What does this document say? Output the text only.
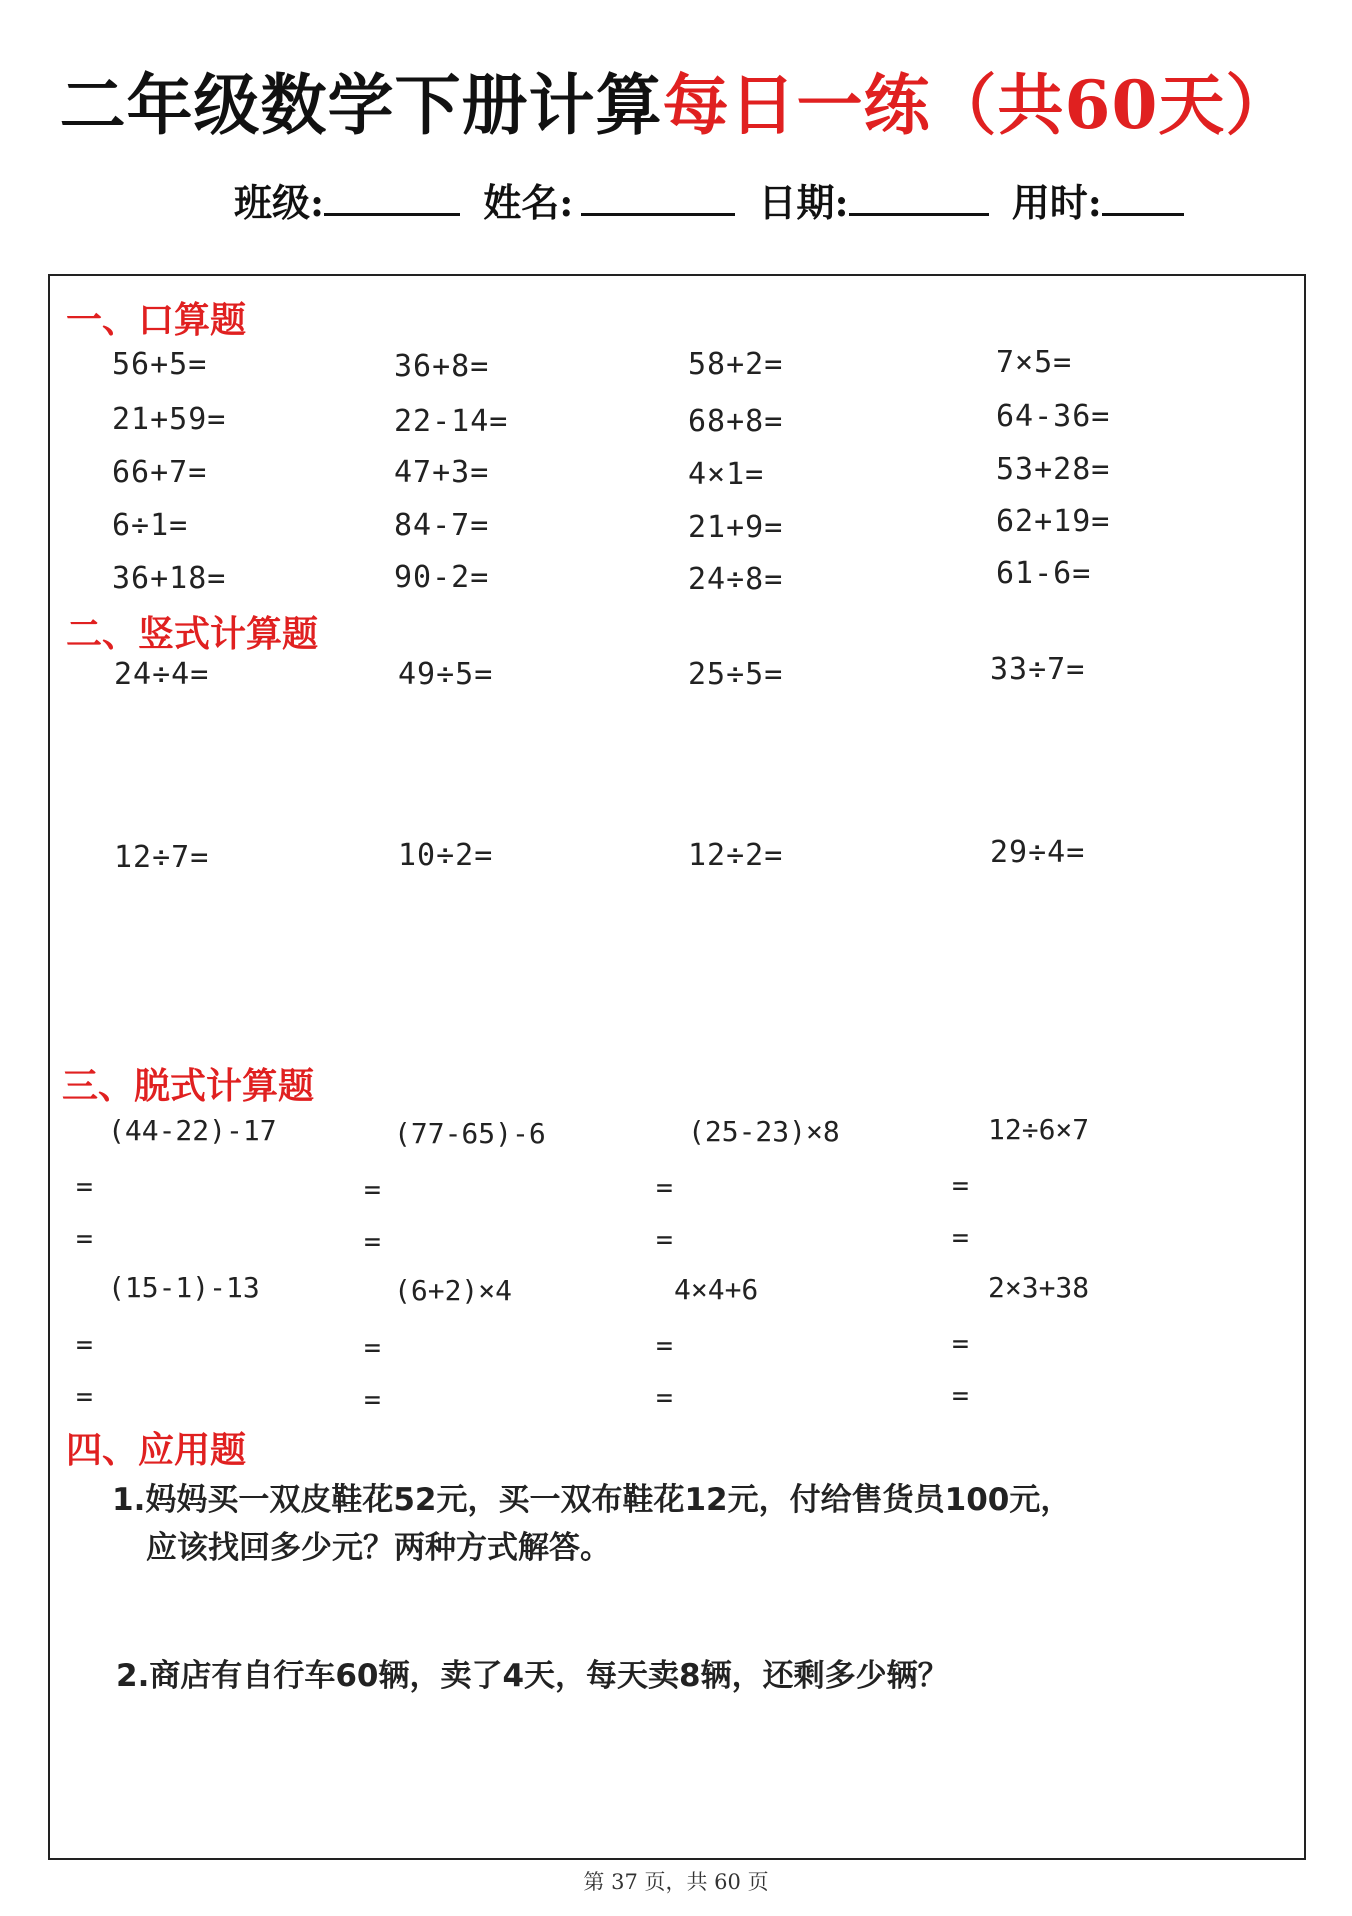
二年级数学下册计算每日一练（共60天）
班级:	姓名:	日期:	用时:
一、口算题
56+5=	36+8=	58+2=	7×5=
21+59=	22-14=	68+8=	64-36=
66+7=	47+3=	4×1=	53+28=
6÷1=	84-7=	21+9=	62+19=
36+18=	90-2=	24÷8=	61-6=
二、竖式计算题
24÷4=	49÷5=	25÷5=	33÷7=
12÷7=	10÷2=	12÷2=	29÷4=
三、脱式计算题
(44-22)-17	(77-65)-6	(25-23)×8	12÷6×7
=	=	=	=
=	=	=	=
(15-1)-13	(6+2)×4	4×4+6	2×3+38
=	=	=	=
=	=	=	=
四、应用题
1.妈妈买一双皮鞋花52元，买一双布鞋花12元，付给售货员100元，
应该找回多少元？两种方式解答。
2.商店有自行车60辆，卖了4天，每天卖8辆，还剩多少辆？
第 37 页，共 60 页
